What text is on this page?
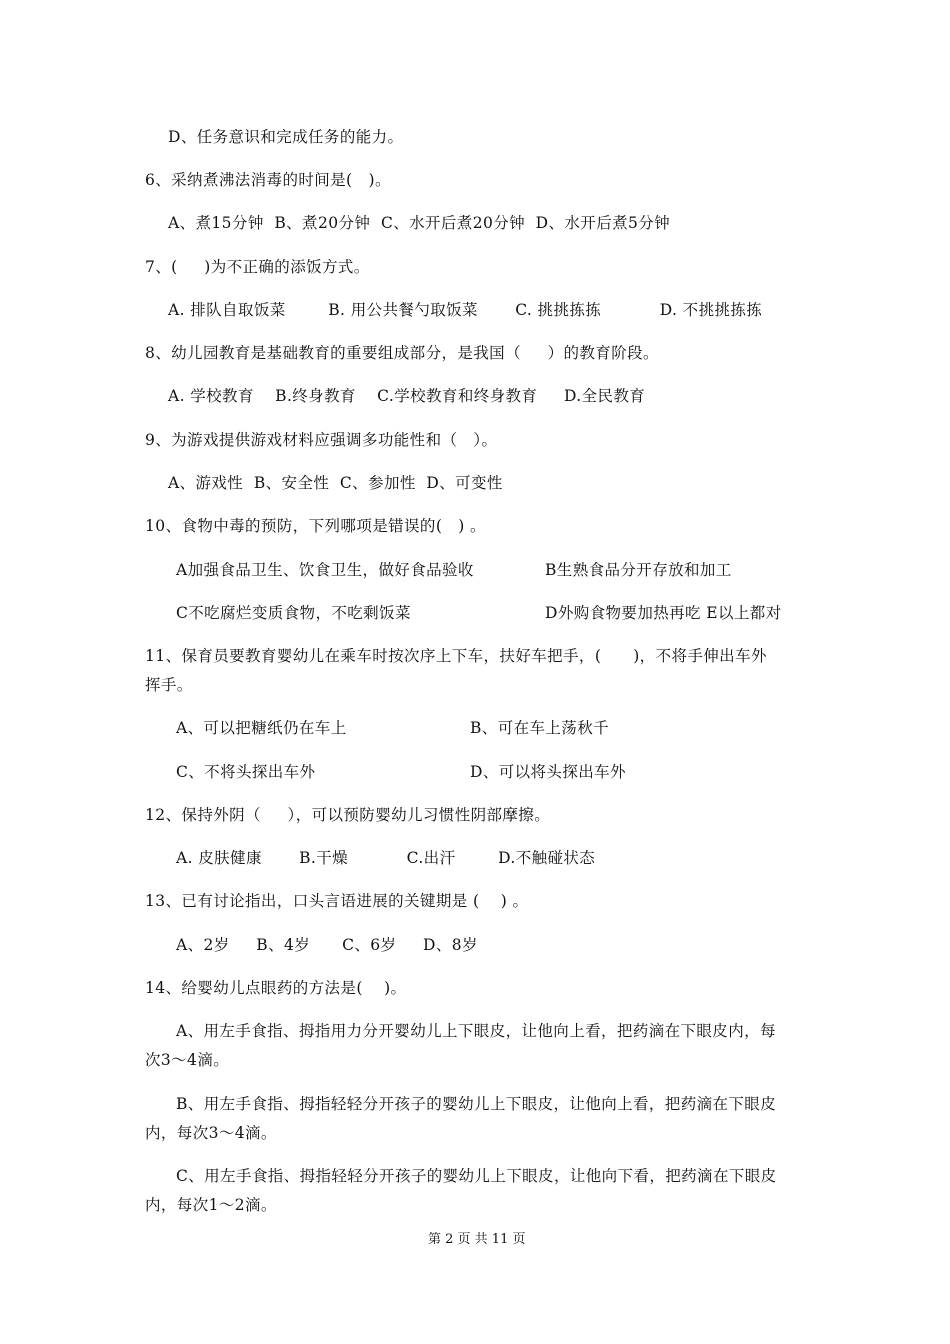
D、任务意识和完成任务的能力。
6、采纳煮沸法消毒的时间是(   )。
A、煮15分钟  B、煮20分钟  C、水开后煮20分钟  D、水开后煮5分钟
7、(     )为不正确的添饭方式。
A. 排队自取饭菜        B. 用公共餐勺取饭菜       C. 挑挑拣拣           D. 不挑挑拣拣
8、幼儿园教育是基础教育的重要组成部分，是我国（     ）的教育阶段。
A. 学校教育    B.终身教育    C.学校教育和终身教育     D.全民教育
9、为游戏提供游戏材料应强调多功能性和（   ）。
A、游戏性  B、安全性  C、参加性  D、可变性
10、食物中毒的预防，下列哪项是错误的(   ) 。
A加强食品卫生、饮食卫生，做好食品验收	B生熟食品分开存放和加工
C不吃腐烂变质食物，不吃剩饭菜	D外购食物要加热再吃 E以上都对
11、保育员要教育婴幼儿在乘车时按次序上下车，扶好车把手，(      )，不将手伸出车外
挥手。
A、可以把糖纸仍在车上	B、可在车上荡秋千
C、不将头探出车外	D、可以将头探出车外
12、保持外阴（     ），可以预防婴幼儿习惯性阴部摩擦。
A. 皮肤健康       B.干燥           C.出汗        D.不触碰状态
13、已有讨论指出，口头言语进展的关键期是 (    ) 。
A、2岁     B、4岁      C、6岁     D、8岁
14、给婴幼儿点眼药的方法是(    )。
A、用左手食指、拇指用力分开婴幼儿上下眼皮，让他向上看，把药滴在下眼皮内，每
次3～4滴。
B、用左手食指、拇指轻轻分开孩子的婴幼儿上下眼皮，让他向上看，把药滴在下眼皮
内，每次3～4滴。
C、用左手食指、拇指轻轻分开孩子的婴幼儿上下眼皮，让他向下看，把药滴在下眼皮
内，每次1～2滴。
第 2 页 共 11 页
